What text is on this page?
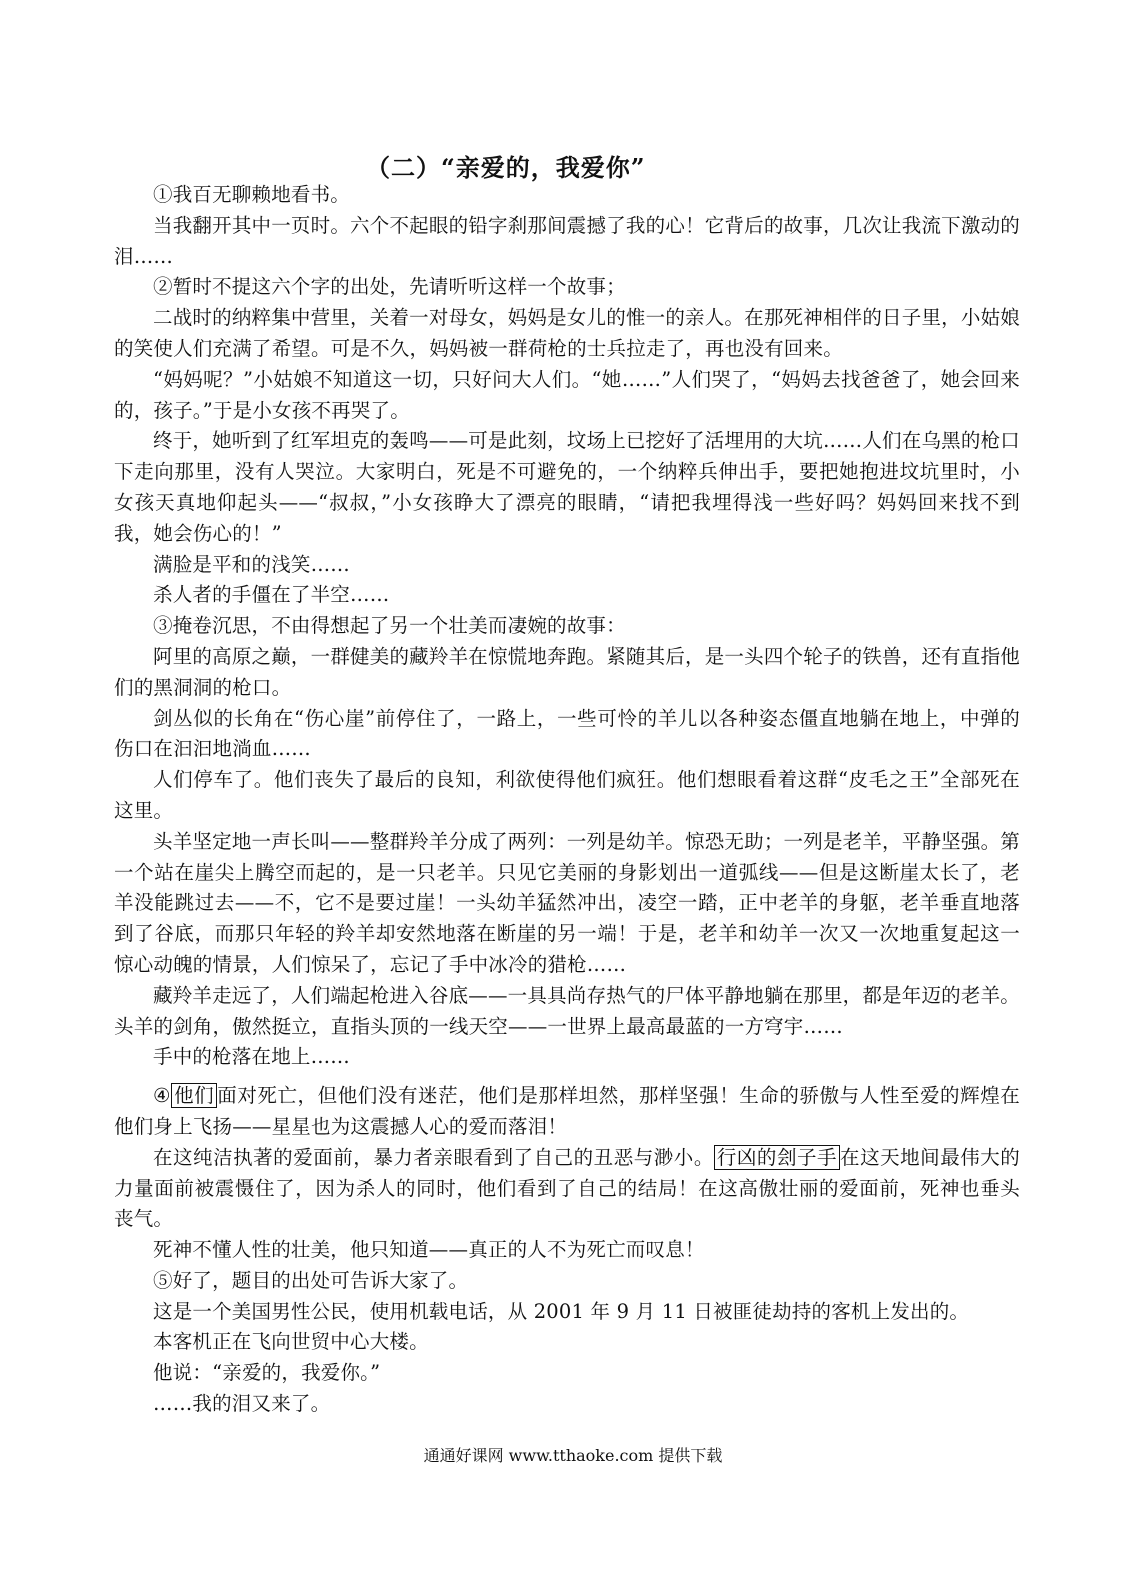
（二）“亲爱的，我爱你”

①我百无聊赖地看书。

当我翻开其中一页时。六个不起眼的铅字刹那间震撼了我的心！它背后的故事，几次让我流下激动的泪……

②暂时不提这六个字的出处，先请听听这样一个故事；

二战时的纳粹集中营里，关着一对母女，妈妈是女儿的惟一的亲人。在那死神相伴的日子里，小姑娘的笑使人们充满了希望。可是不久，妈妈被一群荷枪的士兵拉走了，再也没有回来。

“妈妈呢？”小姑娘不知道这一切，只好问大人们。“她……”人们哭了，“妈妈去找爸爸了，她会回来的，孩子。”于是小女孩不再哭了。

终于，她听到了红军坦克的轰鸣——可是此刻，坟场上已挖好了活埋用的大坑……人们在乌黑的枪口下走向那里，没有人哭泣。大家明白，死是不可避免的，一个纳粹兵伸出手，要把她抱进坟坑里时，小女孩天真地仰起头——“叔叔，”小女孩睁大了漂亮的眼睛，“请把我埋得浅一些好吗？妈妈回来找不到我，她会伤心的！”

满脸是平和的浅笑……

杀人者的手僵在了半空……

③掩卷沉思，不由得想起了另一个壮美而凄婉的故事：

阿里的高原之巅，一群健美的藏羚羊在惊慌地奔跑。紧随其后，是一头四个轮子的铁兽，还有直指他们的黑洞洞的枪口。

剑丛似的长角在“伤心崖”前停住了，一路上，一些可怜的羊儿以各种姿态僵直地躺在地上，中弹的伤口在汩汩地淌血……

人们停车了。他们丧失了最后的良知，利欲使得他们疯狂。他们想眼看着这群“皮毛之王”全部死在这里。

头羊坚定地一声长叫——整群羚羊分成了两列：一列是幼羊。惊恐无助；一列是老羊，平静坚强。第一个站在崖尖上腾空而起的，是一只老羊。只见它美丽的身影划出一道弧线——但是这断崖太长了，老羊没能跳过去——不，它不是要过崖！一头幼羊猛然冲出，凌空一踏，正中老羊的身躯，老羊垂直地落到了谷底，而那只年轻的羚羊却安然地落在断崖的另一端！于是，老羊和幼羊一次又一次地重复起这一惊心动魄的情景，人们惊呆了，忘记了手中冰冷的猎枪……

藏羚羊走远了，人们端起枪进入谷底——一具具尚存热气的尸体平静地躺在那里，都是年迈的老羊。头羊的剑角，傲然挺立，直指头顶的一线天空——一世界上最高最蓝的一方穹宇……

手中的枪落在地上……

④ 他们 面对死亡，但他们没有迷茫，他们是那样坦然，那样坚强！生命的骄傲与人性至爱的辉煌在他们身上飞扬——星星也为这震撼人心的爱而落泪！

在这纯洁执著的爱面前，暴力者亲眼看到了自己的丑恶与渺小。 行凶的刽子手 在这天地间最伟大的力量面前被震慑住了，因为杀人的同时，他们看到了自己的结局！在这高傲壮丽的爱面前，死神也垂头丧气。

死神不懂人性的壮美，他只知道——真正的人不为死亡而叹息！

⑤好了，题目的出处可告诉大家了。

这是一个美国男性公民，使用机载电话，从 2001 年 9 月 11 日被匪徒劫持的客机上发出的。

本客机正在飞向世贸中心大楼。

他说：“亲爱的，我爱你。”

……我的泪又来了。

通通好课网 www.tthaoke.com 提供下载
